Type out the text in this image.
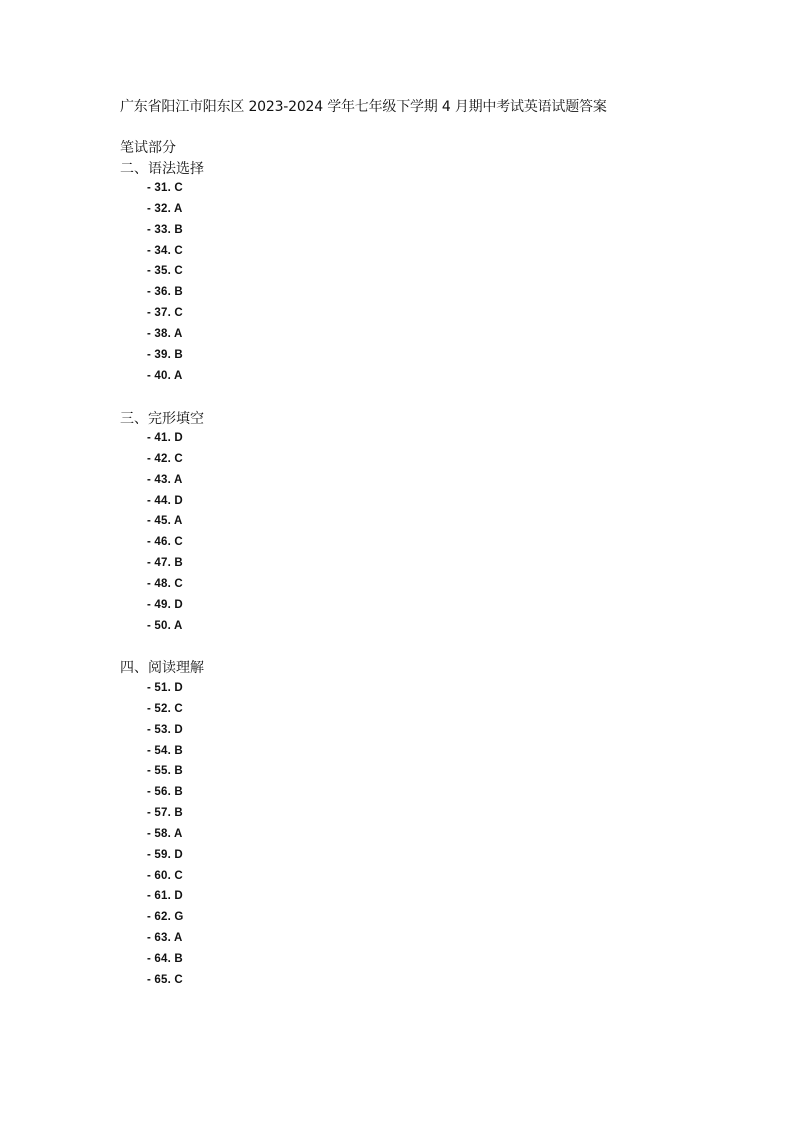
广东省阳江市阳东区 2023-2024 学年七年级下学期 4 月期中考试英语试题答案
笔试部分
二、语法选择
- 31. C
- 32. A
- 33. B
- 34. C
- 35. C
- 36. B
- 37. C
- 38. A
- 39. B
- 40. A
三、完形填空
- 41. D
- 42. C
- 43. A
- 44. D
- 45. A
- 46. C
- 47. B
- 48. C
- 49. D
- 50. A
四、阅读理解
- 51. D
- 52. C
- 53. D
- 54. B
- 55. B
- 56. B
- 57. B
- 58. A
- 59. D
- 60. C
- 61. D
- 62. G
- 63. A
- 64. B
- 65. C
